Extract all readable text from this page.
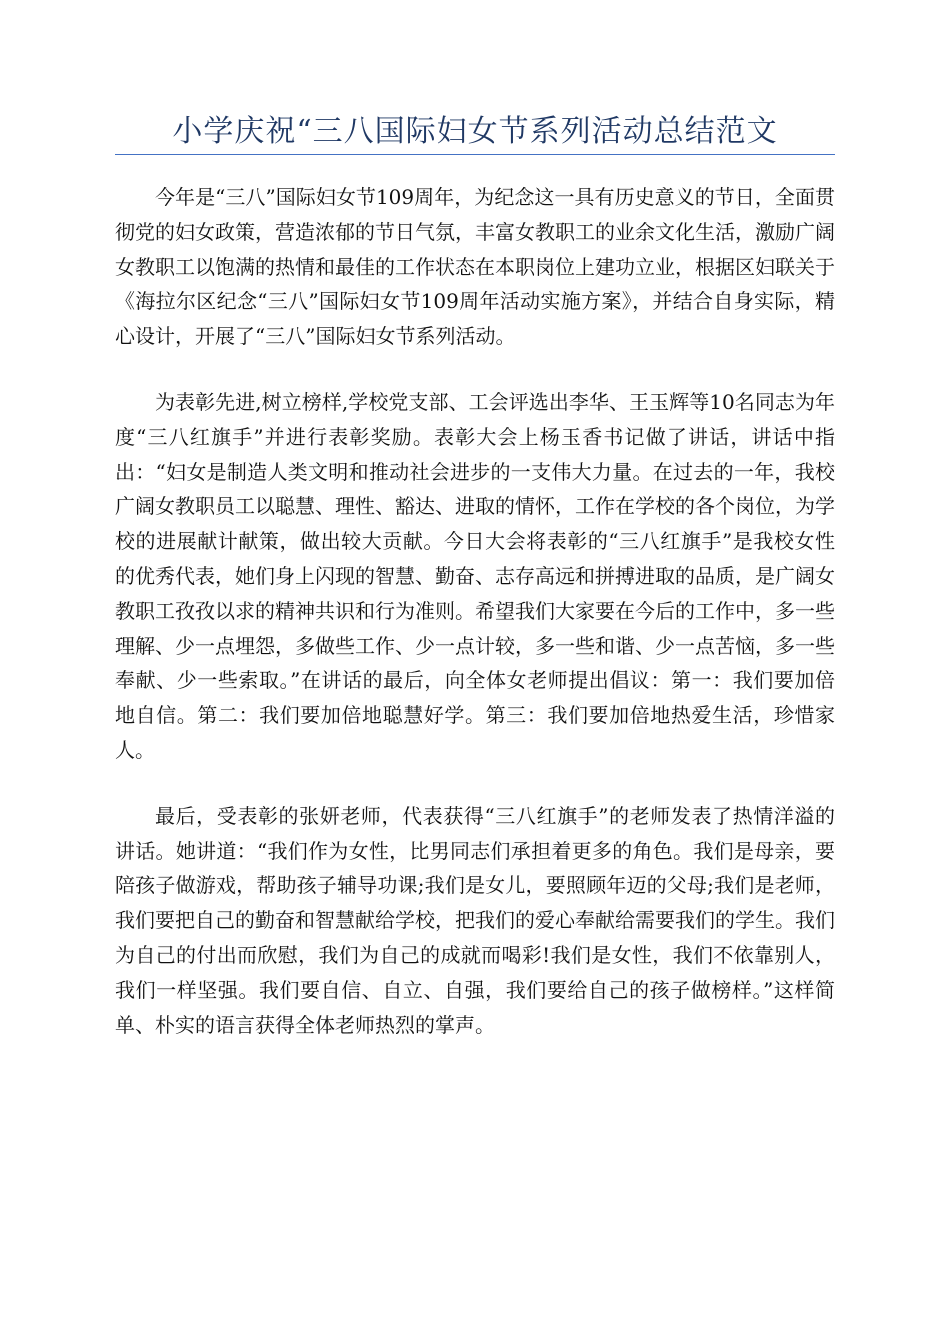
小学庆祝“三八国际妇女节系列活动总结范文

今年是“三八”国际妇女节109周年，为纪念这一具有历史意义的节日，全面贯彻党的妇女政策，营造浓郁的节日气氛，丰富女教职工的业余文化生活，激励广阔女教职工以饱满的热情和最佳的工作状态在本职岗位上建功立业，根据区妇联关于《海拉尔区纪念“三八”国际妇女节109周年活动实施方案》，并结合自身实际，精心设计，开展了“三八”国际妇女节系列活动。

为表彰先进,树立榜样,学校党支部、工会评选出李华、王玉辉等10名同志为年度“三八红旗手”并进行表彰奖励。表彰大会上杨玉香书记做了讲话，讲话中指出：“妇女是制造人类文明和推动社会进步的一支伟大力量。在过去的一年，我校广阔女教职员工以聪慧、理性、豁达、进取的情怀，工作在学校的各个岗位，为学校的进展献计献策，做出较大贡献。今日大会将表彰的“三八红旗手”是我校女性的优秀代表，她们身上闪现的智慧、勤奋、志存高远和拼搏进取的品质，是广阔女教职工孜孜以求的精神共识和行为准则。希望我们大家要在今后的工作中，多一些理解、少一点埋怨，多做些工作、少一点计较，多一些和谐、少一点苦恼，多一些奉献、少一些索取。”在讲话的最后，向全体女老师提出倡议：第一：我们要加倍地自信。第二：我们要加倍地聪慧好学。第三：我们要加倍地热爱生活，珍惜家人。

最后，受表彰的张妍老师，代表获得“三八红旗手”的老师发表了热情洋溢的讲话。她讲道：“我们作为女性，比男同志们承担着更多的角色。我们是母亲，要陪孩子做游戏，帮助孩子辅导功课;我们是女儿，要照顾年迈的父母;我们是老师，我们要把自己的勤奋和智慧献给学校，把我们的爱心奉献给需要我们的学生。我们为自己的付出而欣慰，我们为自己的成就而喝彩!我们是女性，我们不依靠别人，我们一样坚强。我们要自信、自立、自强，我们要给自己的孩子做榜样。”这样简单、朴实的语言获得全体老师热烈的掌声。
